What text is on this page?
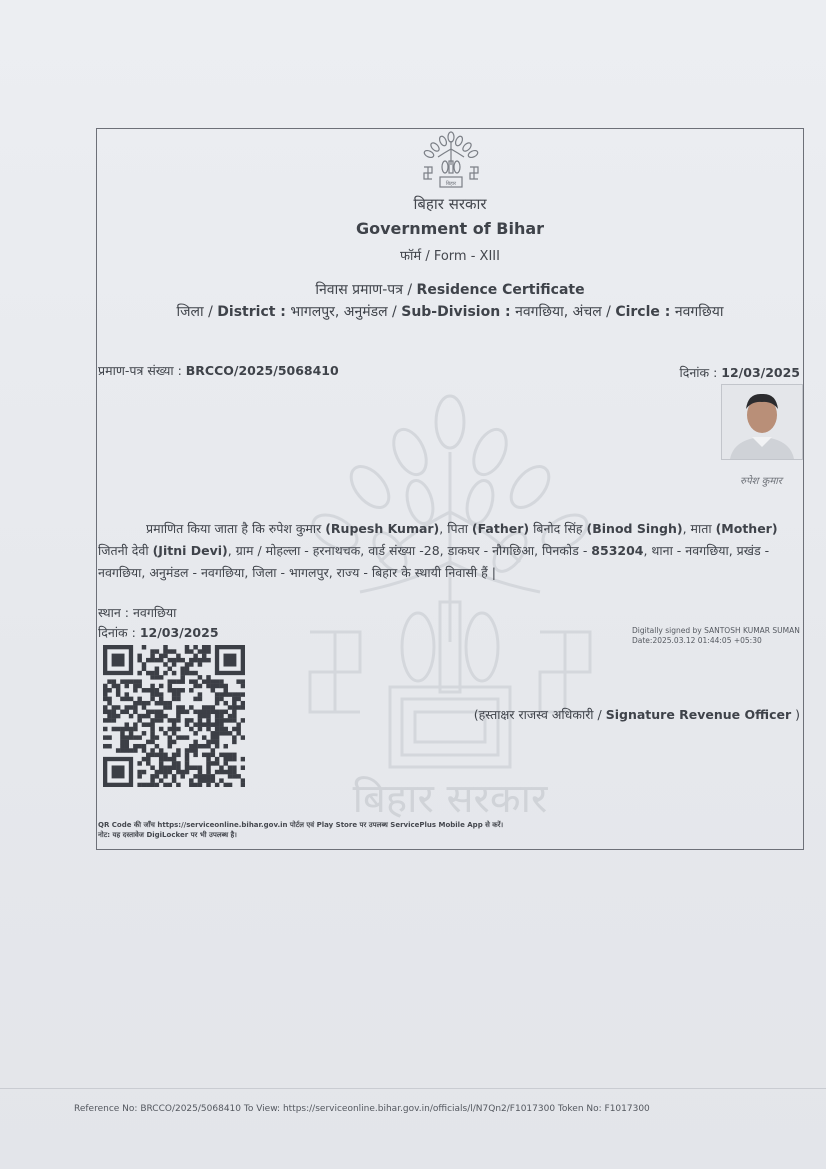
बिहार सरकार
बिहार
बिहार सरकार
Government of Bihar
फॉर्म / Form - XIII
निवास प्रमाण-पत्र / Residence Certificate
जिला / District : भागलपुर, अनुमंडल / Sub-Division : नवगछिया, अंचल / Circle : नवगछिया
प्रमाण-पत्र संख्या : BRCCO/2025/5068410	दिनांक : 12/03/2025
रुपेश कुमार
प्रमाणित किया जाता है कि रुपेश कुमार (Rupesh Kumar), पिता (Father) बिनोद सिंह (Binod Singh), माता (Mother) जितनी देवी (Jitni Devi), ग्राम / मोहल्ला - हरनाथचक, वार्ड संख्या -28, डाकघर - नौगछिआ, पिनकोड - 853204, थाना - नवगछिया, प्रखंड - नवगछिया, अनुमंडल - नवगछिया, जिला - भागलपुर, राज्य - बिहार के स्थायी निवासी हैं |
स्थान : नवगछिया
दिनांक : 12/03/2025	Digitally signed by SANTOSH KUMAR SUMAN
Date:2025.03.12 01:44:05 +05:30
(हस्ताक्षर राजस्व अधिकारी / Signature Revenue Officer )
QR Code की जाँच https://serviceonline.bihar.gov.in पोर्टल एवं Play Store पर उपलब्ध ServicePlus Mobile App से करें।
नोट: यह दस्तावेज DigiLocker पर भी उपलब्ध है।
Reference No: BRCCO/2025/5068410 To View: https://serviceonline.bihar.gov.in/officials/l/N7Qn2/F1017300 Token No: F1017300
